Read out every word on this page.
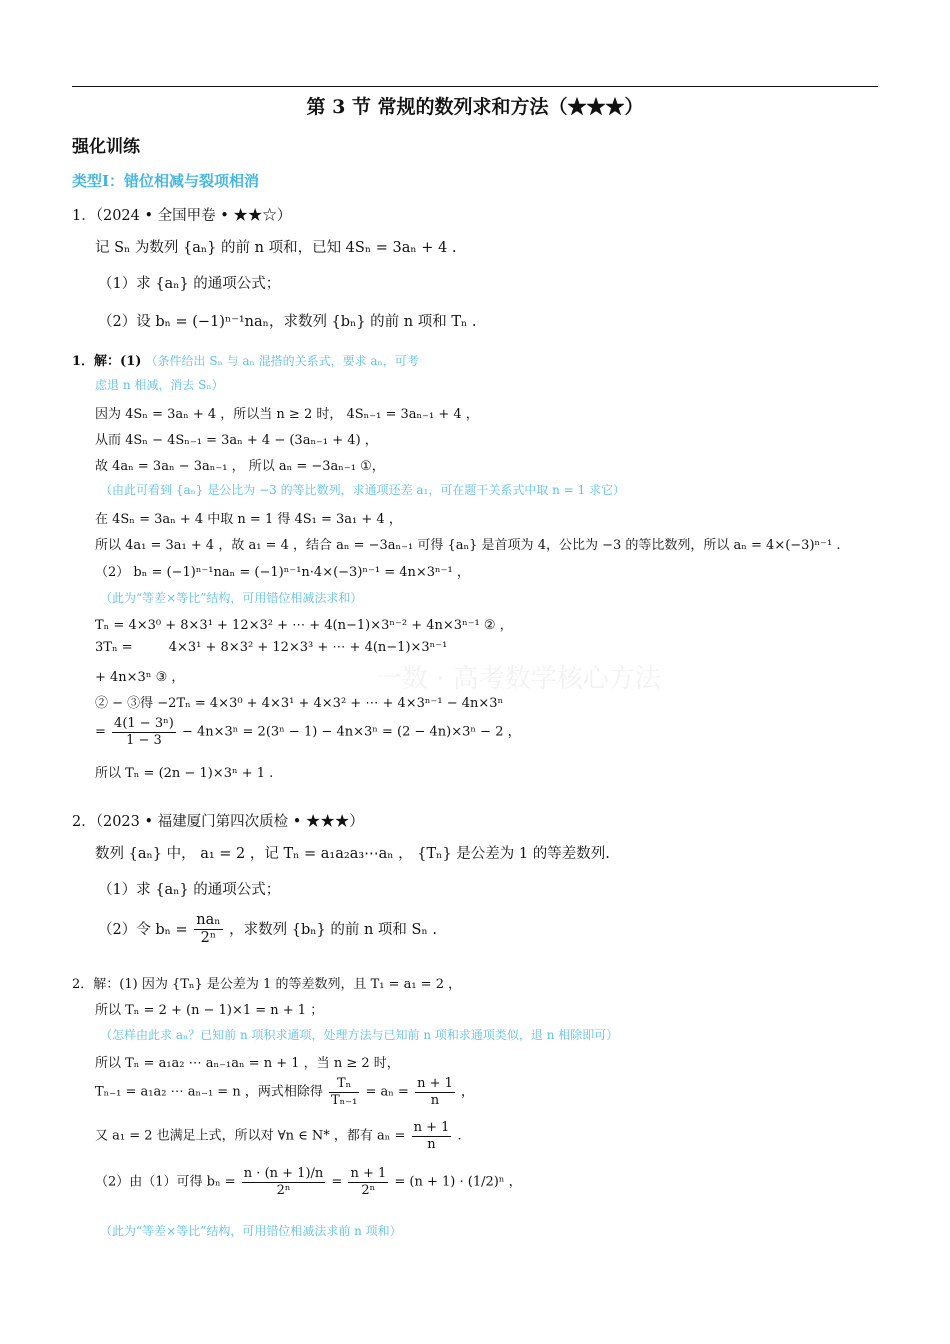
第 3 节 常规的数列求和方法（★★★）
强化训练
类型Ⅰ：错位相减与裂项相消
1．（2024 • 全国甲卷 • ★★☆）
记 Sₙ 为数列 {aₙ} 的前 n 项和，已知 4Sₙ = 3aₙ + 4 .
（1）求 {aₙ} 的通项公式；
（2）设 bₙ = (−1)ⁿ⁻¹naₙ，求数列 {bₙ} 的前 n 项和 Tₙ .
1．解：(1) （条件给出 Sₙ 与 aₙ 混搭的关系式，要求 aₙ，可考
虑退 n 相减，消去 Sₙ）
因为 4Sₙ = 3aₙ + 4 ，所以当 n ≥ 2 时， 4Sₙ₋₁ = 3aₙ₋₁ + 4 ，
从而 4Sₙ − 4Sₙ₋₁ = 3aₙ + 4 − (3aₙ₋₁ + 4) ，
故 4aₙ = 3aₙ − 3aₙ₋₁ ， 所以 aₙ = −3aₙ₋₁ ①，
（由此可看到 {aₙ} 是公比为 −3 的等比数列，求通项还差 a₁，可在题干关系式中取 n = 1 求它）
在 4Sₙ = 3aₙ + 4 中取 n = 1 得 4S₁ = 3a₁ + 4 ，
所以 4a₁ = 3a₁ + 4 ，故 a₁ = 4 ，结合 aₙ = −3aₙ₋₁ 可得 {aₙ} 是首项为 4，公比为 −3 的等比数列，所以 aₙ = 4×(−3)ⁿ⁻¹ .
（2） bₙ = (−1)ⁿ⁻¹naₙ = (−1)ⁿ⁻¹n·4×(−3)ⁿ⁻¹ = 4n×3ⁿ⁻¹ ，
（此为“等差×等比”结构，可用错位相减法求和）
Tₙ = 4×3⁰ + 8×3¹ + 12×3² + ⋯ + 4(n−1)×3ⁿ⁻² + 4n×3ⁿ⁻¹ ② ，
3Tₙ =	4×3¹ + 8×3² + 12×3³ + ⋯ + 4(n−1)×3ⁿ⁻¹
+ 4n×3ⁿ ③ ，
② − ③得 −2Tₙ = 4×3⁰ + 4×3¹ + 4×3² + ⋯ + 4×3ⁿ⁻¹ − 4n×3ⁿ
= $\frac{\text{4(1 − 3ⁿ)}}{1 - 3} - 4n\times 3^n = 2(3^n - 1) - 4n\times 3^n = (2 - 4n)\times 3^n - 2$ ，
所以 Tₙ = (2n − 1)×3ⁿ + 1 .
一数 · 高考数学核心方法
2．（2023 • 福建厦门第四次质检 • ★★★）
数列 {aₙ} 中， a₁ = 2 ，记 Tₙ = a₁a₂a₃⋯aₙ ， {Tₙ} 是公差为 1 的等差数列.
（1）求 {aₙ} 的通项公式；
（2）令 $b_n = \frac{\text{naₙ}}{\text{2ⁿ}}$ ，求数列 {bₙ} 的前 n 项和 Sₙ .
2．解：(1) 因为 {Tₙ} 是公差为 1 的等差数列，且 T₁ = a₁ = 2 ，
所以 Tₙ = 2 + (n − 1)×1 = n + 1 ；
（怎样由此求 aₙ？已知前 n 项积求通项，处理方法与已知前 n 项和求通项类似，退 n 相除即可）
所以 Tₙ = a₁a₂ ⋯ aₙ₋₁aₙ = n + 1 ，当 n ≥ 2 时，
Tₙ₋₁ = a₁a₂ ⋯ aₙ₋₁ = n ，两式相除得 $\frac{\text{Tₙ}}{\text{Tₙ₋₁}} = a_n = \frac{n + 1}{n}$ ，
又 a₁ = 2 也满足上式，所以对 ∀n ∈ N* ，都有 $a_n = \frac{n + 1}{n}$ .
（2）由（1）可得 $b_n = \frac{n \cdot (n + 1)/n}{\text{2ⁿ}} = \frac{n + 1}{\text{2ⁿ}} = (n + 1) \cdot (1/2)^n$ ，
（此为“等差×等比”结构，可用错位相减法求前 n 项和）
